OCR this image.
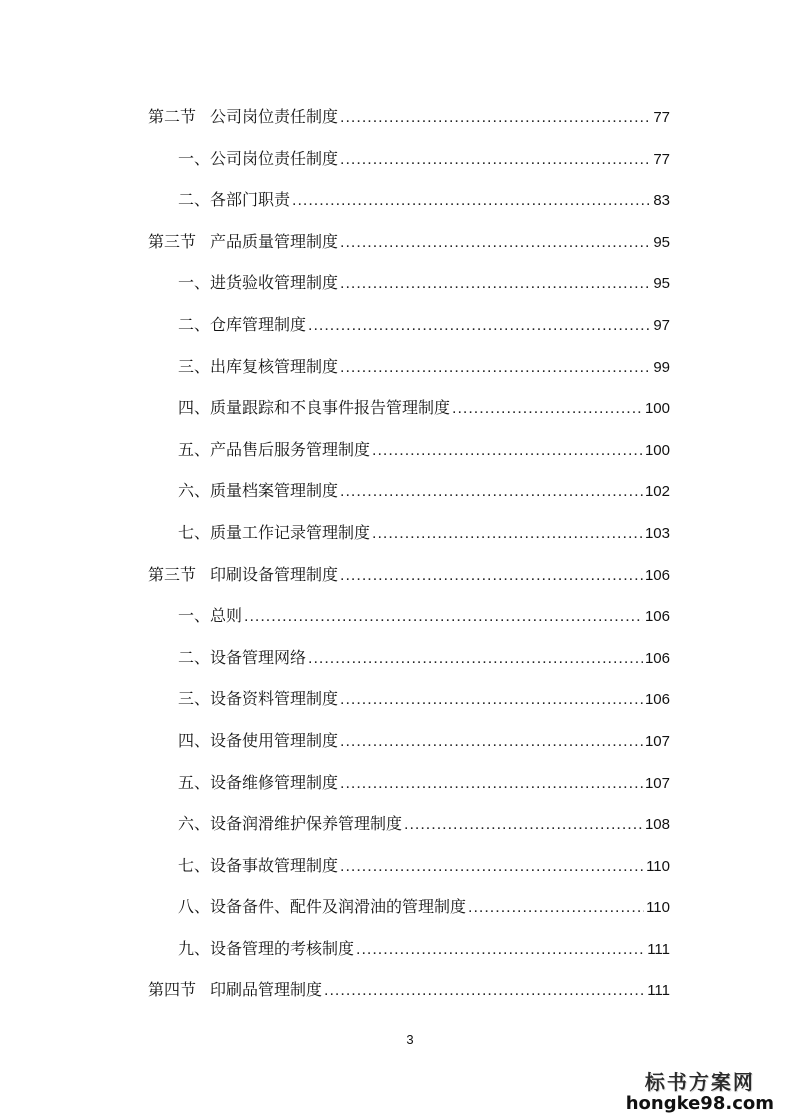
第二节 公司岗位责任制度 .....	77
一、公司岗位责任制度 .....	77
二、各部门职责 .....	83
第三节 产品质量管理制度 .....	95
一、进货验收管理制度 .....	95
二、仓库管理制度 .....	97
三、出库复核管理制度 .....	99
四、质量跟踪和不良事件报告管理制度 .....	100
五、产品售后服务管理制度 .....	100
六、质量档案管理制度 .....	102
七、质量工作记录管理制度 .....	103
第三节 印刷设备管理制度 .....	106
一、总则 .....	106
二、设备管理网络 .....	106
三、设备资料管理制度 .....	106
四、设备使用管理制度 .....	107
五、设备维修管理制度 .....	107
六、设备润滑维护保养管理制度 .....	108
七、设备事故管理制度 .....	110
八、设备备件、配件及润滑油的管理制度 .....	110
九、设备管理的考核制度 .....	111
第四节 印刷品管理制度 .....	111
3
标书方案网
hongke98.com
